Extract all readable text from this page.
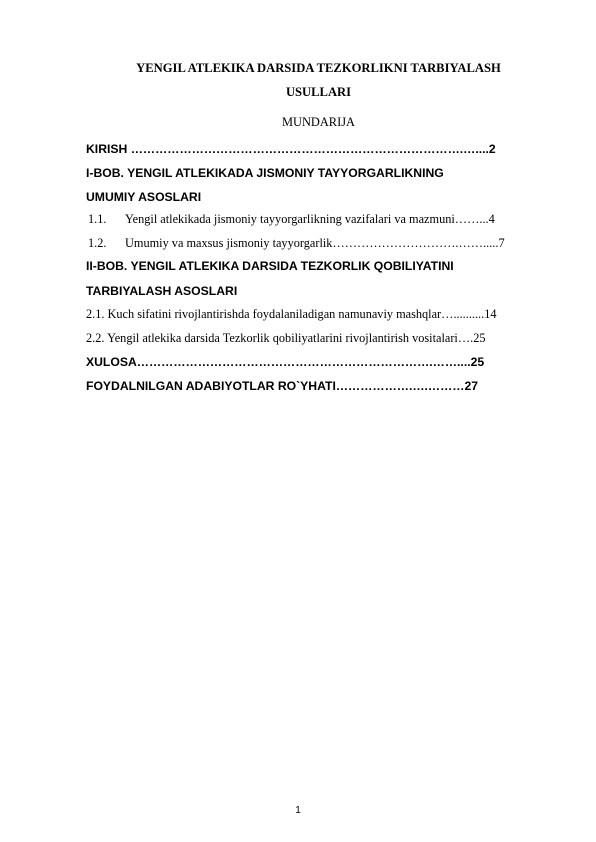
YENGIL ATLEKIKA DARSIDA TEZKORLIKNI TARBIYALASH
USULLARI
MUNDARIJA
KIRISH ……………………………………………………………………….…....2
I-BOB. YENGIL ATLEKIKADA JISMONIY TAYYORGARLIKNING
UMUMIY ASOSLARI
1.1. Yengil atlekikada jismoniy tayyorgarlikning vazifalari va mazmuni……...4
1.2. Umumiy va maxsus jismoniy tayyorgarlik………………………….…….....7
II-BOB. YENGIL ATLEKIKA DARSIDA TEZKORLIK QOBILIYATINI
TARBIYALASH ASOSLARI
2.1. Kuch sifatini rivojlantirishda foydalaniladigan namunaviy mashqlar…..........14
2.2. Yengil atlekika darsida Tezkorlik qobiliyatlarini rivojlantirish vositalari….25
XULOSA……………………………………………………………….……....25
FOYDALNILGAN ADABIYOTLAR RO`YHATI……………….….………27
1
